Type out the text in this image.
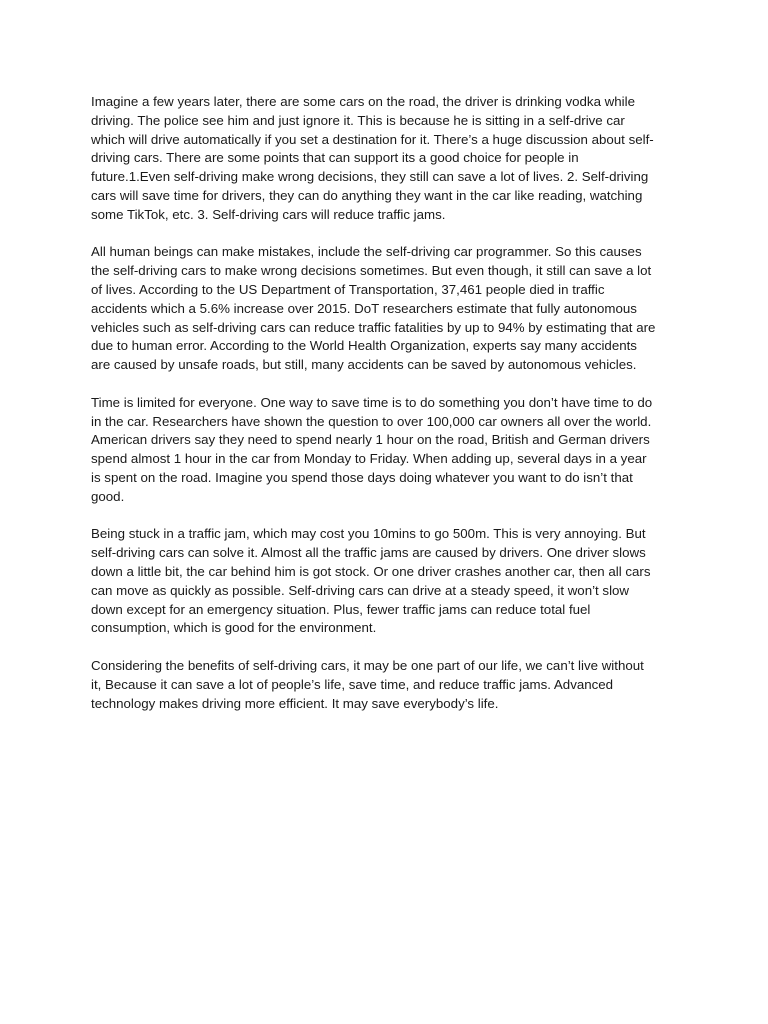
Imagine a few years later, there are some cars on the road, the driver is drinking vodka while
driving. The police see him and just ignore it. This is because he is sitting in a self-drive car
which will drive automatically if you set a destination for it. There’s a huge discussion about self-
driving cars. There are some points that can support its a good choice for people in
future.1.Even self-driving make wrong decisions, they still can save a lot of lives. 2. Self-driving
cars will save time for drivers, they can do anything they want in the car like reading, watching
some TikTok, etc. 3. Self-driving cars will reduce traffic jams.
All human beings can make mistakes, include the self-driving car programmer. So this causes
the self-driving cars to make wrong decisions sometimes. But even though, it still can save a lot
of lives. According to the US Department of Transportation, 37,461 people died in traffic
accidents which a 5.6% increase over 2015. DoT researchers estimate that fully autonomous
vehicles such as self-driving cars can reduce traffic fatalities by up to 94% by estimating that are
due to human error. According to the World Health Organization, experts say many accidents
are caused by unsafe roads, but still, many accidents can be saved by autonomous vehicles.
Time is limited for everyone. One way to save time is to do something you don’t have time to do
in the car. Researchers have shown the question to over 100,000 car owners all over the world.
American drivers say they need to spend nearly 1 hour on the road, British and German drivers
spend almost 1 hour in the car from Monday to Friday. When adding up, several days in a year
is spent on the road. Imagine you spend those days doing whatever you want to do isn’t that
good.
Being stuck in a traffic jam, which may cost you 10mins to go 500m. This is very annoying. But
self-driving cars can solve it. Almost all the traffic jams are caused by drivers. One driver slows
down a little bit, the car behind him is got stock. Or one driver crashes another car, then all cars
can move as quickly as possible. Self-driving cars can drive at a steady speed, it won’t slow
down except for an emergency situation. Plus, fewer traffic jams can reduce total fuel
consumption, which is good for the environment.
Considering the benefits of self-driving cars, it may be one part of our life, we can’t live without
it, Because it can save a lot of people’s life, save time, and reduce traffic jams. Advanced
technology makes driving more efficient. It may save everybody’s life.
